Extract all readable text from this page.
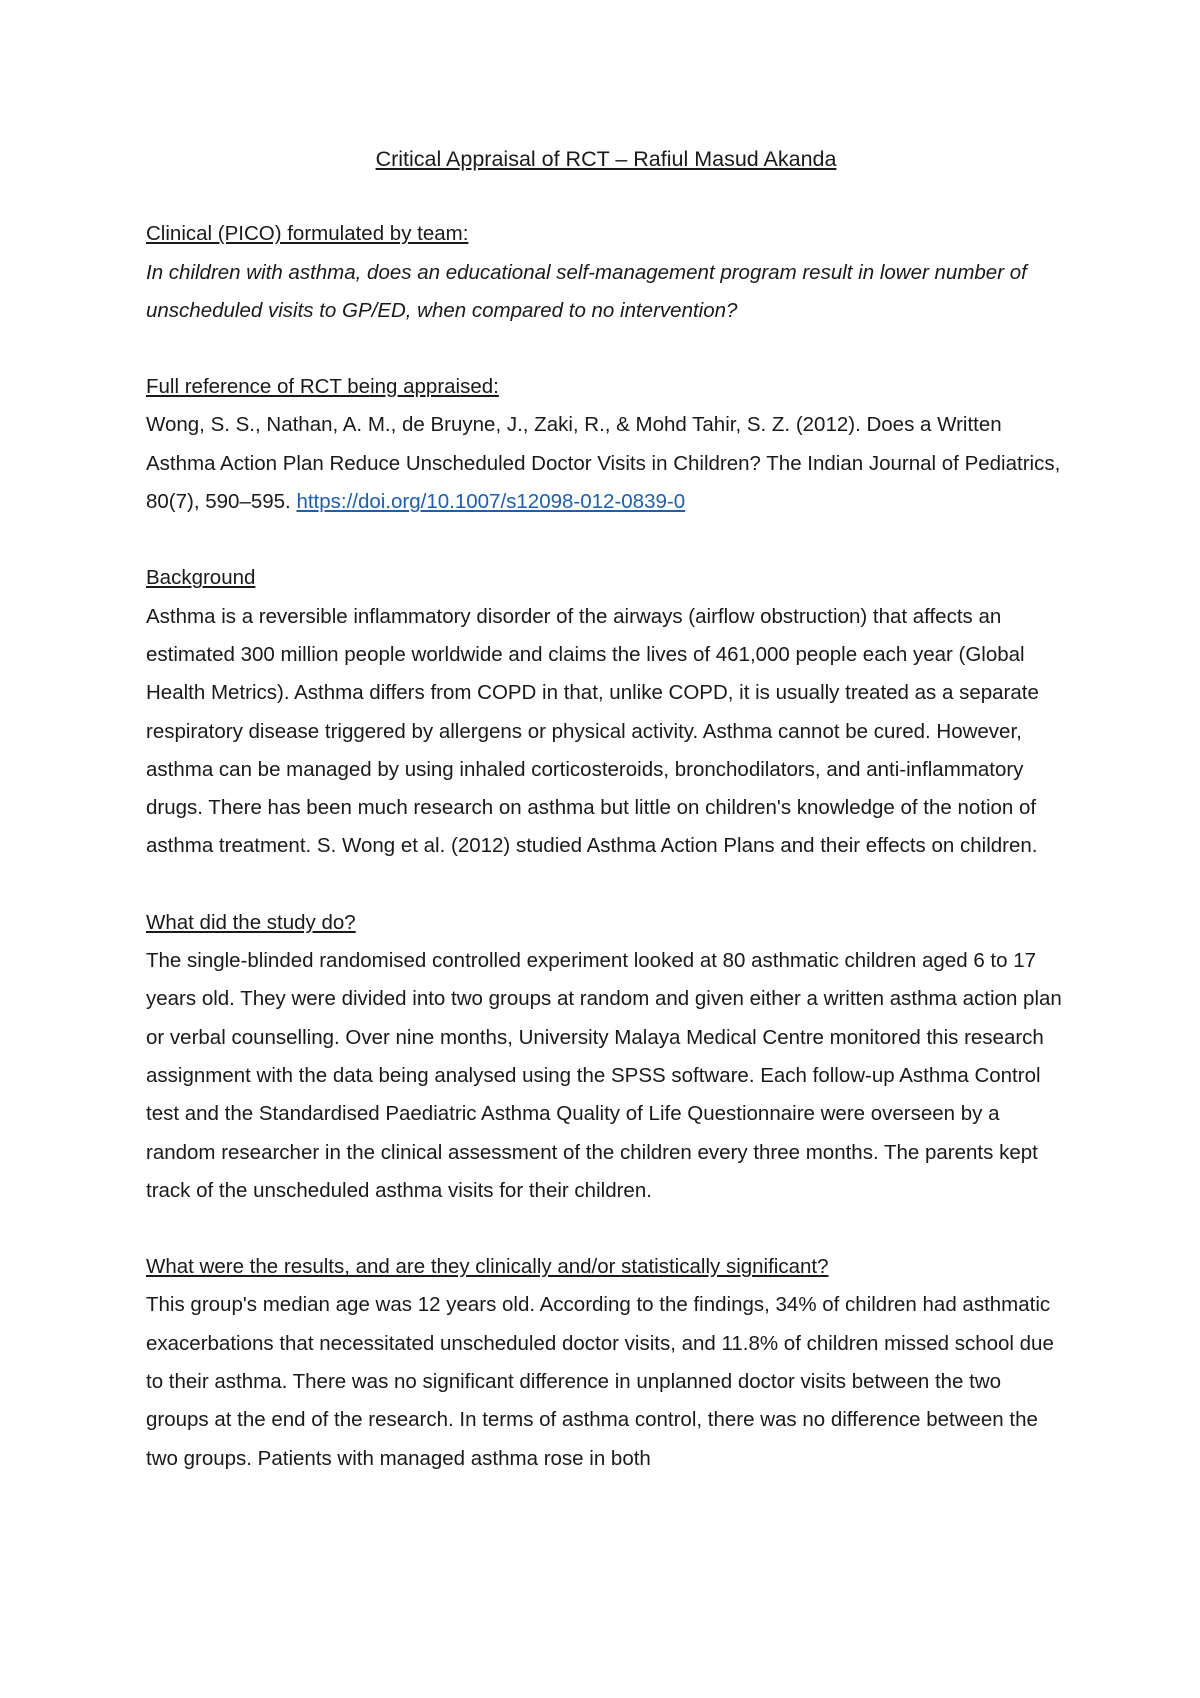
Critical Appraisal of RCT – Rafiul Masud Akanda

Clinical (PICO) formulated by team:

In children with asthma, does an educational self-management program result in lower number of unscheduled visits to GP/ED, when compared to no intervention?

Full reference of RCT being appraised:

Wong, S. S., Nathan, A. M., de Bruyne, J., Zaki, R., & Mohd Tahir, S. Z. (2012). Does a Written Asthma Action Plan Reduce Unscheduled Doctor Visits in Children? The Indian Journal of Pediatrics, 80(7), 590–595. https://doi.org/10.1007/s12098-012-0839-0

Background

Asthma is a reversible inflammatory disorder of the airways (airflow obstruction) that affects an estimated 300 million people worldwide and claims the lives of 461,000 people each year (Global Health Metrics). Asthma differs from COPD in that, unlike COPD, it is usually treated as a separate respiratory disease triggered by allergens or physical activity. Asthma cannot be cured. However, asthma can be managed by using inhaled corticosteroids, bronchodilators, and anti-inflammatory drugs. There has been much research on asthma but little on children's knowledge of the notion of asthma treatment. S. Wong et al. (2012) studied Asthma Action Plans and their effects on children.

What did the study do?

The single-blinded randomised controlled experiment looked at 80 asthmatic children aged 6 to 17 years old. They were divided into two groups at random and given either a written asthma action plan or verbal counselling. Over nine months, University Malaya Medical Centre monitored this research assignment with the data being analysed using the SPSS software. Each follow-up Asthma Control test and the Standardised Paediatric Asthma Quality of Life Questionnaire were overseen by a random researcher in the clinical assessment of the children every three months. The parents kept track of the unscheduled asthma visits for their children.

What were the results, and are they clinically and/or statistically significant?

This group's median age was 12 years old. According to the findings, 34% of children had asthmatic exacerbations that necessitated unscheduled doctor visits, and 11.8% of children missed school due to their asthma. There was no significant difference in unplanned doctor visits between the two groups at the end of the research. In terms of asthma control, there was no difference between the two groups. Patients with managed asthma rose in both
